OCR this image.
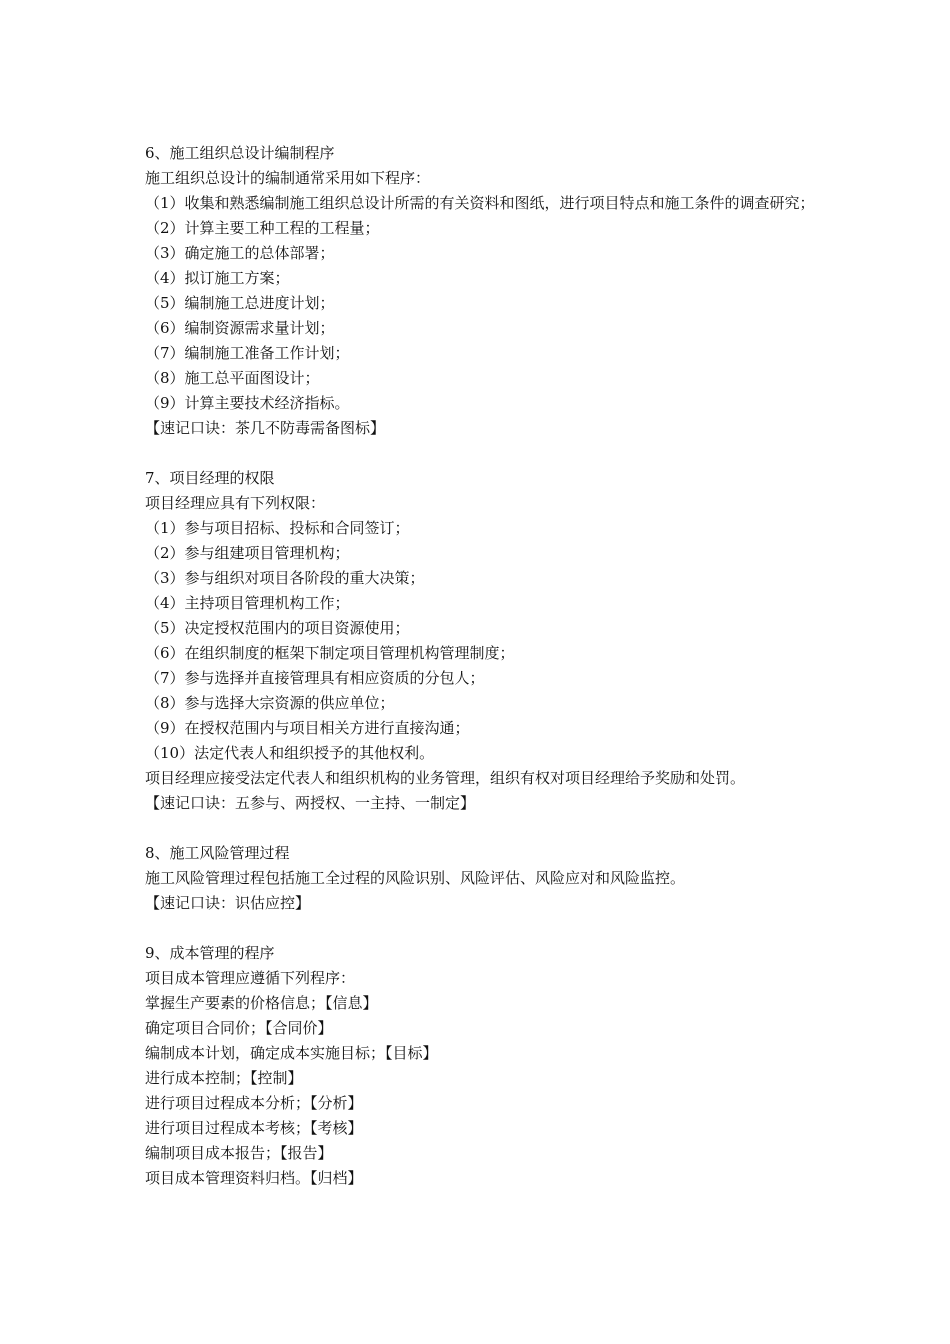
6、施工组织总设计编制程序
施工组织总设计的编制通常采用如下程序：
（1）收集和熟悉编制施工组织总设计所需的有关资料和图纸，进行项目特点和施工条件的调查研究；
（2）计算主要工种工程的工程量；
（3）确定施工的总体部署；
（4）拟订施工方案；
（5）编制施工总进度计划；
（6）编制资源需求量计划；
（7）编制施工准备工作计划；
（8）施工总平面图设计；
（9）计算主要技术经济指标。
【速记口诀：茶几不防毒需备图标】
7、项目经理的权限
项目经理应具有下列权限：
（1）参与项目招标、投标和合同签订；
（2）参与组建项目管理机构；
（3）参与组织对项目各阶段的重大决策；
（4）主持项目管理机构工作；
（5）决定授权范围内的项目资源使用；
（6）在组织制度的框架下制定项目管理机构管理制度；
（7）参与选择并直接管理具有相应资质的分包人；
（8）参与选择大宗资源的供应单位；
（9）在授权范围内与项目相关方进行直接沟通；
（10）法定代表人和组织授予的其他权利。
项目经理应接受法定代表人和组织机构的业务管理，组织有权对项目经理给予奖励和处罚。
【速记口诀：五参与、两授权、一主持、一制定】
8、施工风险管理过程
施工风险管理过程包括施工全过程的风险识别、风险评估、风险应对和风险监控。
【速记口诀：识估应控】
9、成本管理的程序
项目成本管理应遵循下列程序：
掌握生产要素的价格信息；【信息】
确定项目合同价；【合同价】
编制成本计划，确定成本实施目标；【目标】
进行成本控制；【控制】
进行项目过程成本分析；【分析】
进行项目过程成本考核；【考核】
编制项目成本报告；【报告】
项目成本管理资料归档。【归档】
